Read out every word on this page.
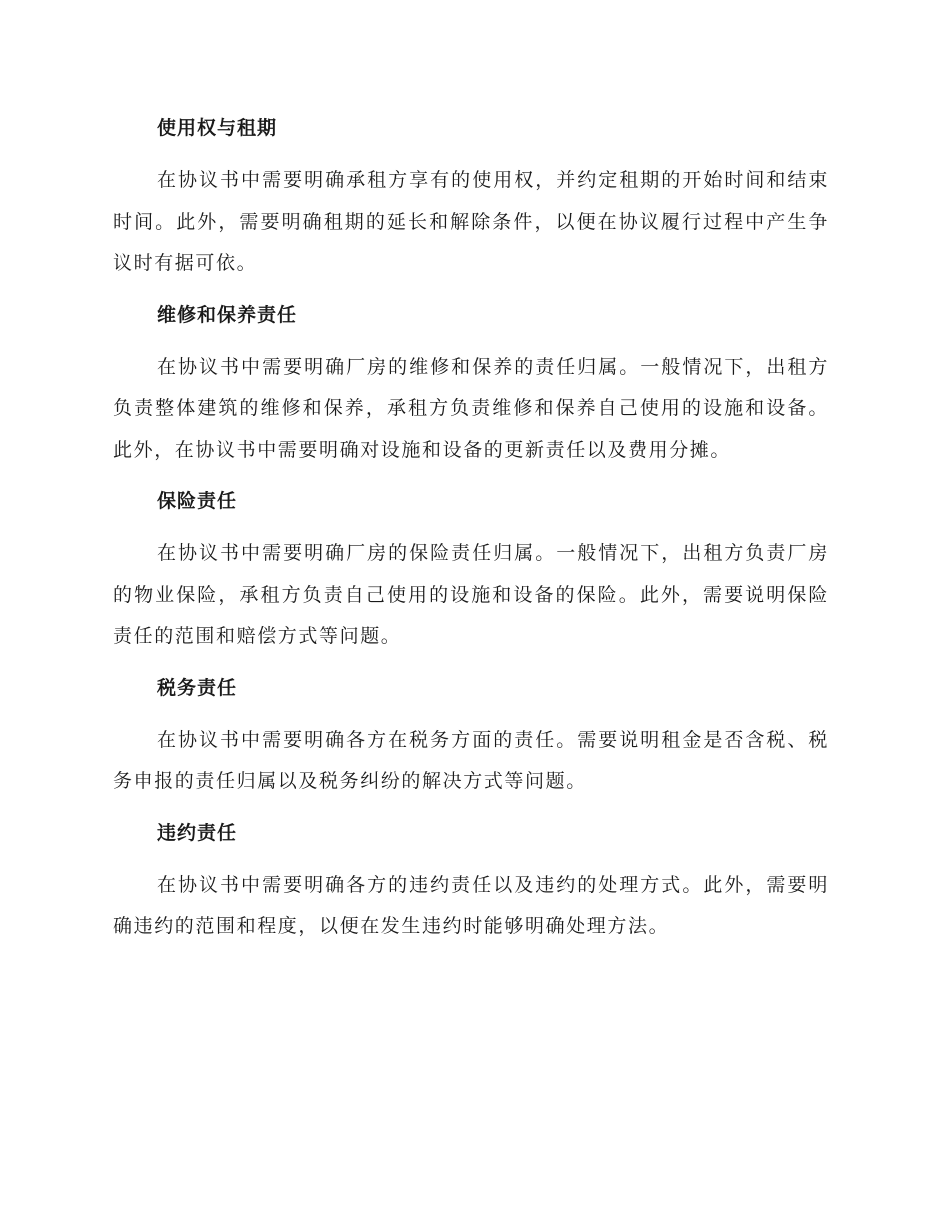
使用权与租期

在协议书中需要明确承租方享有的使用权，并约定租期的开始时间和结束时间。此外，需要明确租期的延长和解除条件，以便在协议履行过程中产生争议时有据可依。

维修和保养责任

在协议书中需要明确厂房的维修和保养的责任归属。一般情况下，出租方负责整体建筑的维修和保养，承租方负责维修和保养自己使用的设施和设备。此外，在协议书中需要明确对设施和设备的更新责任以及费用分摊。

保险责任

在协议书中需要明确厂房的保险责任归属。一般情况下，出租方负责厂房的物业保险，承租方负责自己使用的设施和设备的保险。此外，需要说明保险责任的范围和赔偿方式等问题。

税务责任

在协议书中需要明确各方在税务方面的责任。需要说明租金是否含税、税务申报的责任归属以及税务纠纷的解决方式等问题。

违约责任

在协议书中需要明确各方的违约责任以及违约的处理方式。此外，需要明确违约的范围和程度，以便在发生违约时能够明确处理方法。
